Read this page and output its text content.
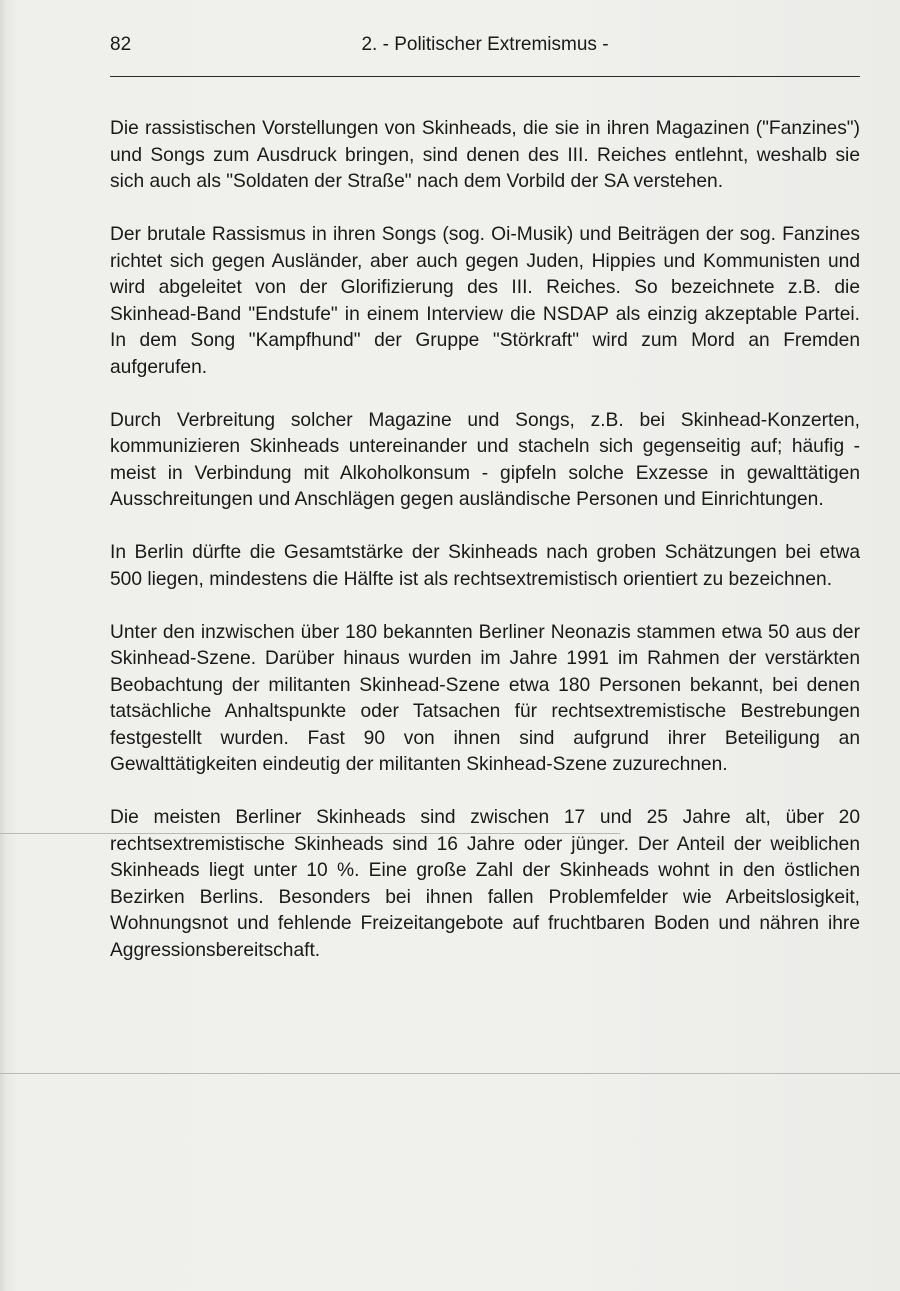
82	2. - Politischer Extremismus -

Die rassistischen Vorstellungen von Skinheads, die sie in ihren Magazinen ("Fanzines") und Songs zum Ausdruck bringen, sind denen des III. Reiches entlehnt, weshalb sie sich auch als "Soldaten der Straße" nach dem Vorbild der SA verstehen.

Der brutale Rassismus in ihren Songs (sog. Oi-Musik) und Beiträgen der sog. Fanzines richtet sich gegen Ausländer, aber auch gegen Juden, Hippies und Kommunisten und wird abgeleitet von der Glorifizierung des III. Reiches. So bezeichnete z.B. die Skinhead-Band "Endstufe" in einem Interview die NSDAP als einzig akzeptable Partei. In dem Song "Kampfhund" der Gruppe "Störkraft" wird zum Mord an Fremden aufgerufen.

Durch Verbreitung solcher Magazine und Songs, z.B. bei Skinhead-Konzerten, kommunizieren Skinheads untereinander und stacheln sich gegenseitig auf; häufig - meist in Verbindung mit Alkoholkonsum - gipfeln solche Exzesse in gewalttätigen Ausschreitungen und Anschlägen gegen ausländische Personen und Einrichtungen.

In Berlin dürfte die Gesamtstärke der Skinheads nach groben Schätzungen bei etwa 500 liegen, mindestens die Hälfte ist als rechtsextremistisch orientiert zu bezeichnen.

Unter den inzwischen über 180 bekannten Berliner Neonazis stammen etwa 50 aus der Skinhead-Szene. Darüber hinaus wurden im Jahre 1991 im Rahmen der verstärkten Beobachtung der militanten Skinhead-Szene etwa 180 Personen bekannt, bei denen tatsächliche Anhaltspunkte oder Tatsachen für rechtsextremistische Bestrebungen festgestellt wurden. Fast 90 von ihnen sind aufgrund ihrer Beteiligung an Gewalttätigkeiten eindeutig der militanten Skinhead-Szene zuzurechnen.

Die meisten Berliner Skinheads sind zwischen 17 und 25 Jahre alt, über 20 rechtsextremistische Skinheads sind 16 Jahre oder jünger. Der Anteil der weiblichen Skinheads liegt unter 10 %. Eine große Zahl der Skinheads wohnt in den östlichen Bezirken Berlins. Besonders bei ihnen fallen Problemfelder wie Arbeitslosigkeit, Wohnungsnot und fehlende Freizeitangebote auf fruchtbaren Boden und nähren ihre Aggressionsbereitschaft.
